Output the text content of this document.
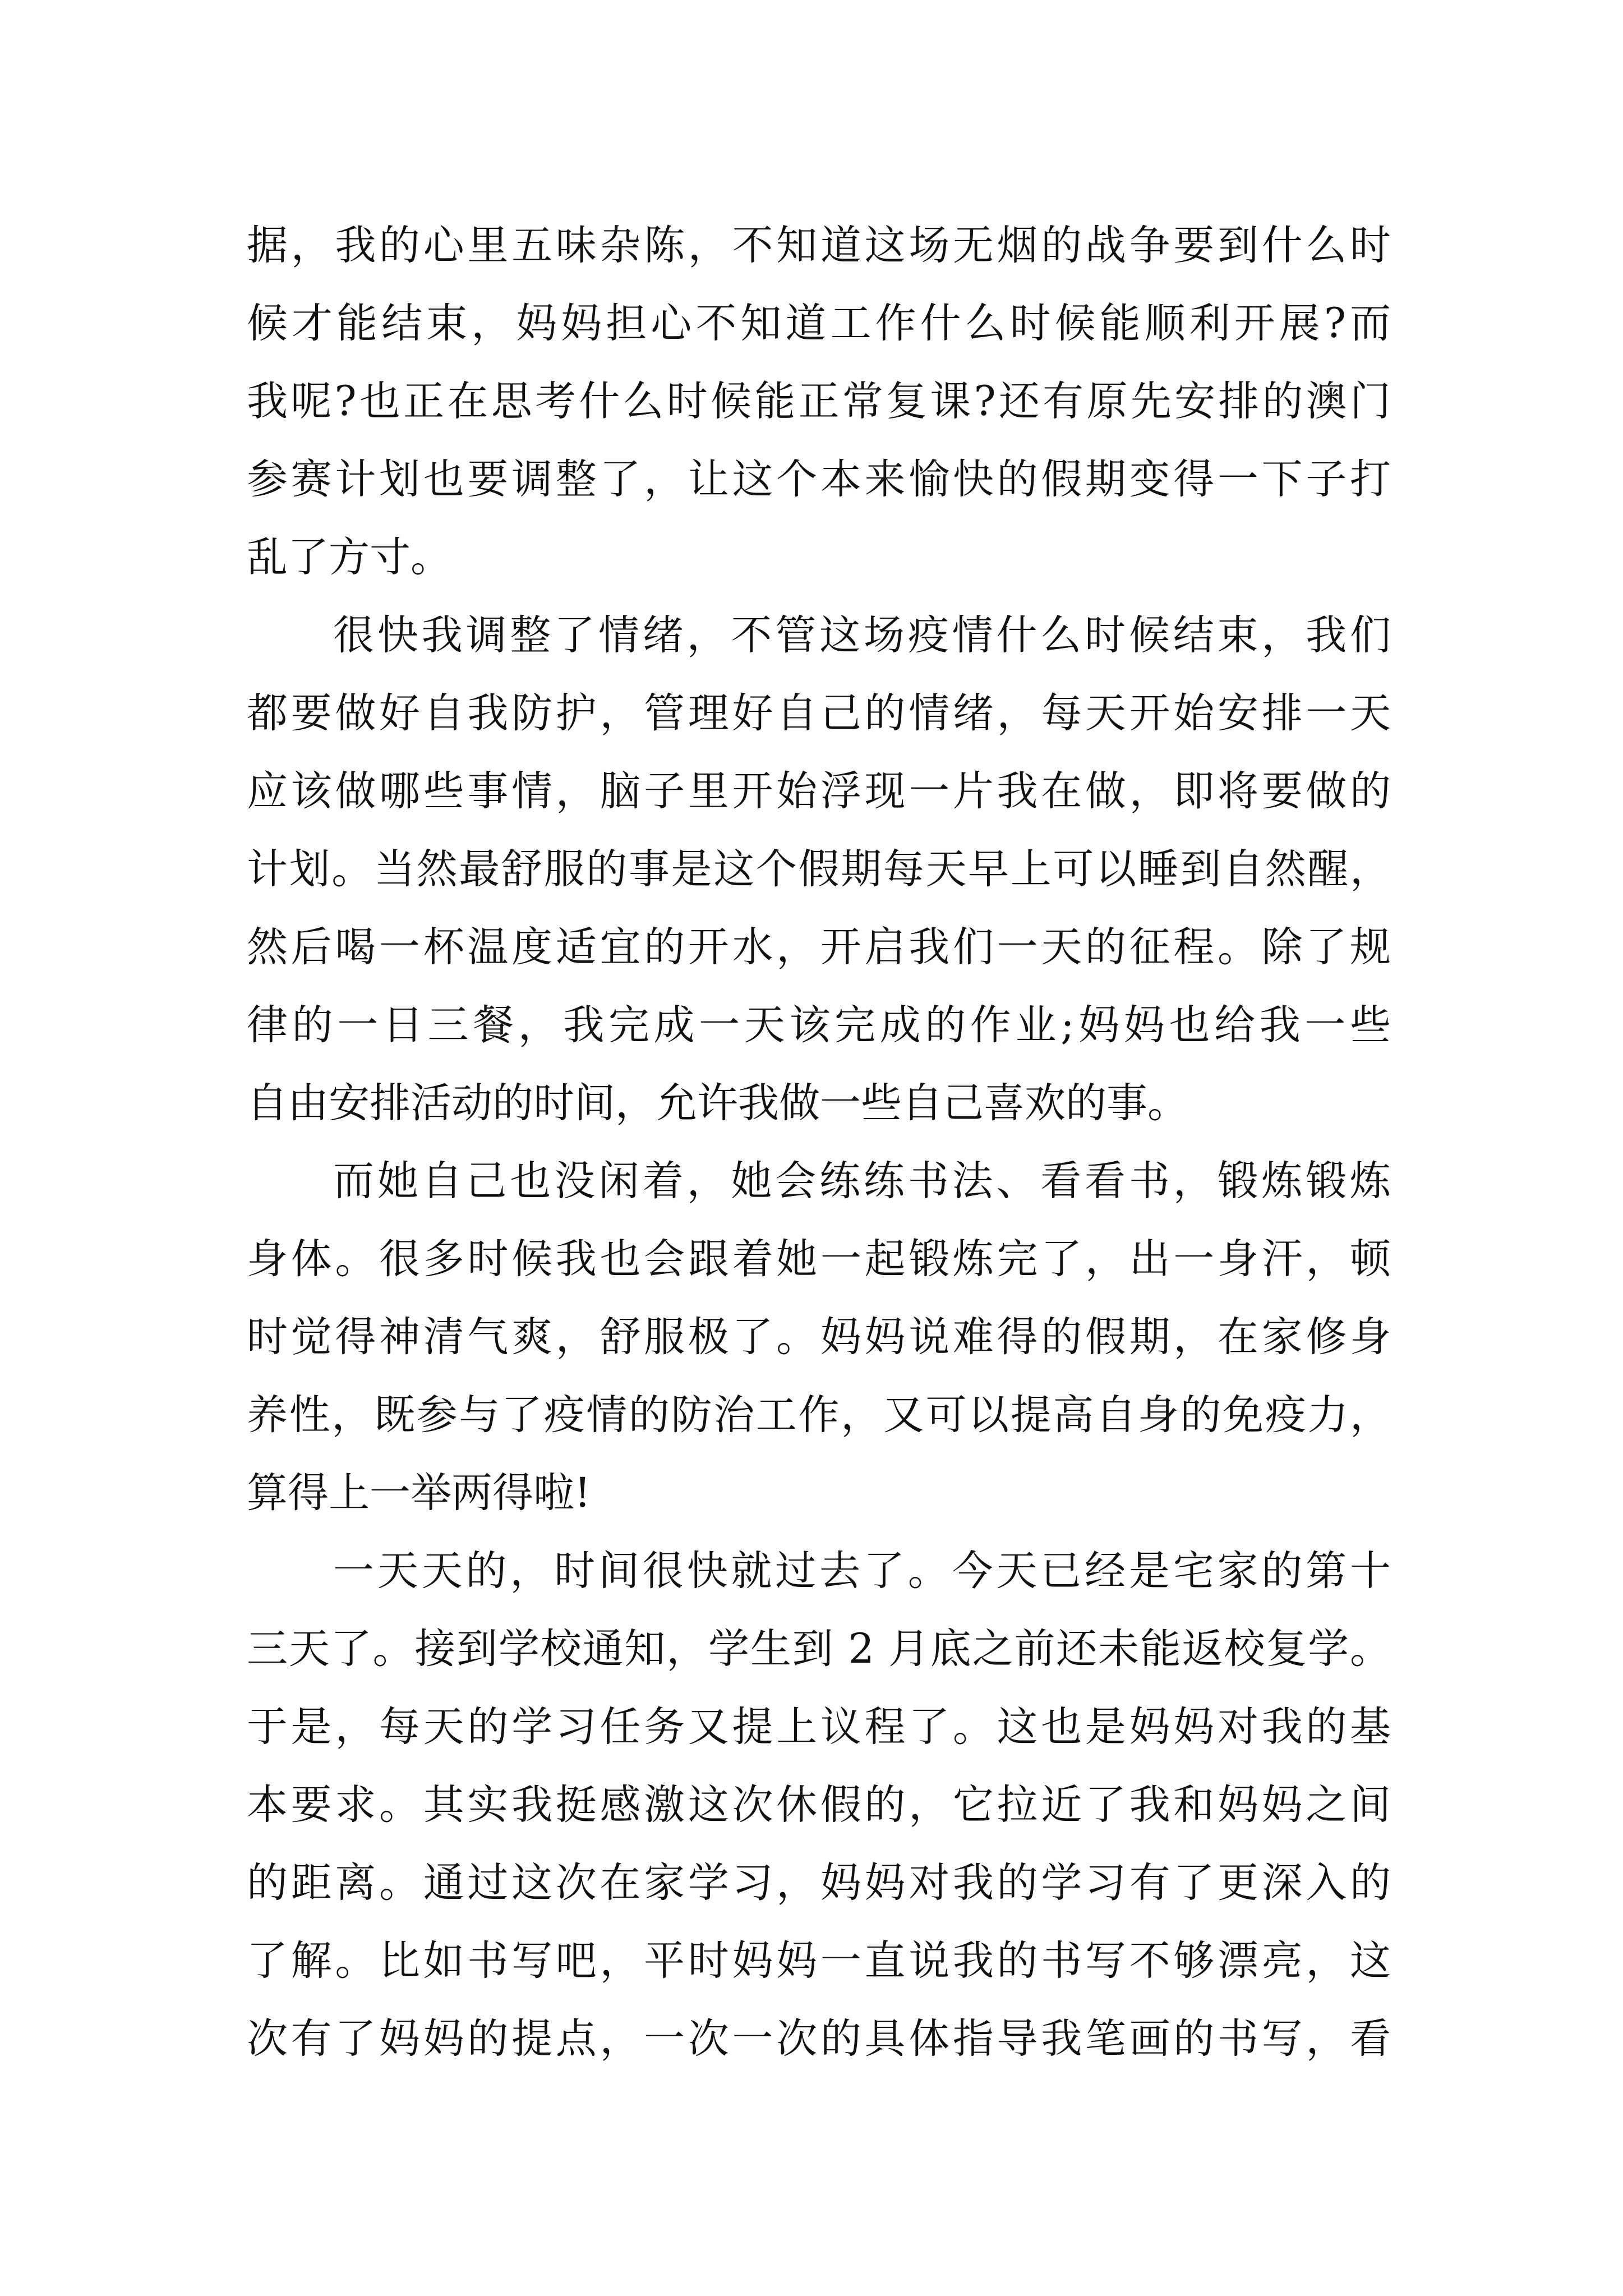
据，我的心里五味杂陈，不知道这场无烟的战争要到什么时
候才能结束，妈妈担心不知道工作什么时候能顺利开展?而
我呢?也正在思考什么时候能正常复课?还有原先安排的澳门
参赛计划也要调整了，让这个本来愉快的假期变得一下子打
乱了方寸。
很快我调整了情绪，不管这场疫情什么时候结束，我们
都要做好自我防护，管理好自己的情绪，每天开始安排一天
应该做哪些事情，脑子里开始浮现一片我在做，即将要做的
计划。当然最舒服的事是这个假期每天早上可以睡到自然醒，
然后喝一杯温度适宜的开水，开启我们一天的征程。除了规
律的一日三餐，我完成一天该完成的作业;妈妈也给我一些
自由安排活动的时间，允许我做一些自己喜欢的事。
而她自己也没闲着，她会练练书法、看看书，锻炼锻炼
身体。很多时候我也会跟着她一起锻炼完了，出一身汗，顿
时觉得神清气爽，舒服极了。妈妈说难得的假期，在家修身
养性，既参与了疫情的防治工作，又可以提高自身的免疫力，
算得上一举两得啦!
一天天的，时间很快就过去了。今天已经是宅家的第十
三天了。接到学校通知，学生到 2 月底之前还未能返校复学。
于是，每天的学习任务又提上议程了。这也是妈妈对我的基
本要求。其实我挺感激这次休假的，它拉近了我和妈妈之间
的距离。通过这次在家学习，妈妈对我的学习有了更深入的
了解。比如书写吧，平时妈妈一直说我的书写不够漂亮，这
次有了妈妈的提点，一次一次的具体指导我笔画的书写，看
